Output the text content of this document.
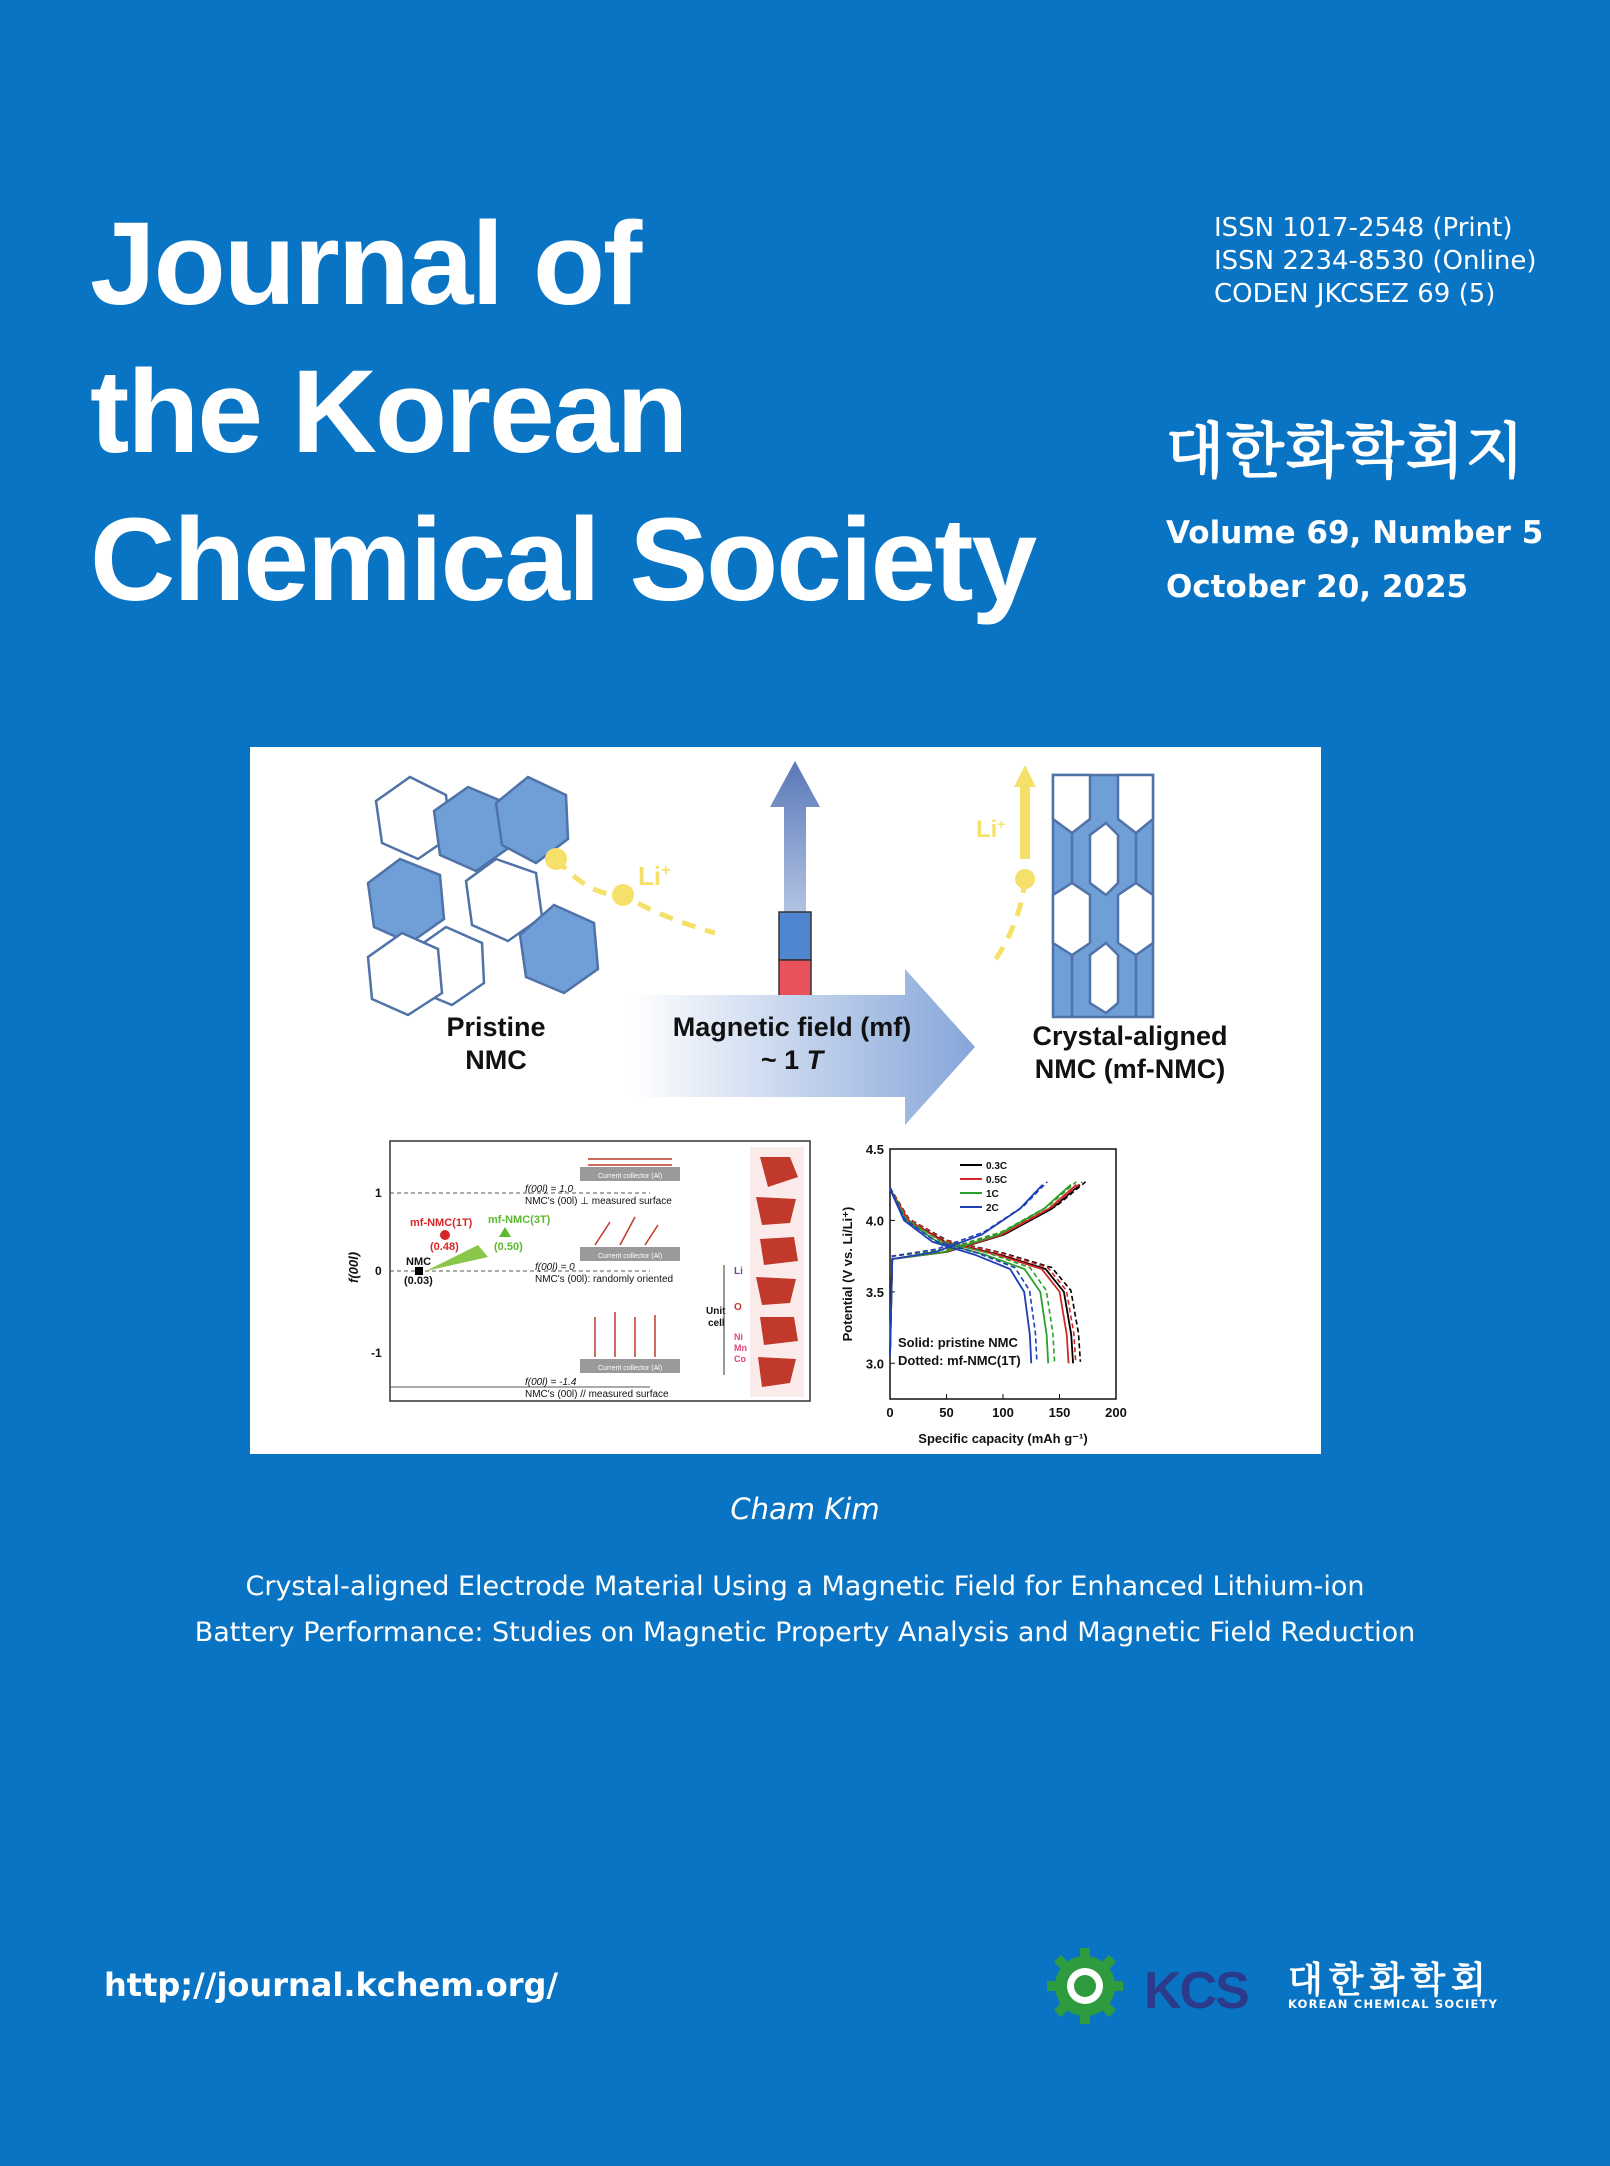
Journal of
the Korean
Chemical Society
ISSN 1017-2548 (Print)
ISSN 2234-8530 (Online)
CODEN JKCSEZ 69 (5)
대한화학회지
Volume 69, Number 5
October 20, 2025
Li+
Li+
Pristine
NMC
Magnetic field (mf)
~ 1 T
Crystal-aligned
NMC (mf-NMC)
f(00l)
1
0
-1
Current collector (Al)
Current collector (Al)
Current collector (Al)
f(00l) = 1.0
NMC's (00l) ⊥ measured surface
f(00l) = 0
NMC's (00l): randomly oriented
f(00l) = -1.4
NMC's (00l) // measured surface
mf-NMC(1T)
(0.48)
mf-NMC(3T)
(0.50)
NMC
(0.03)
Li
O
Ni
Mn
Co
Unit
cell
0	50	100	150	200
3.0
3.5
4.0
4.5
Specific capacity (mAh g⁻¹)
Potential (V vs. Li/Li⁺)
0.3C
0.5C
1C
2C
Solid: pristine NMC
Dotted: mf-NMC(1T)
Cham Kim
Crystal-aligned Electrode Material Using a Magnetic Field for Enhanced Lithium-ion
Battery Performance: Studies on Magnetic Property Analysis and Magnetic Field Reduction
http;//journal.kchem.org/	KCS 대한화학회
KOREAN CHEMICAL SOCIETY
